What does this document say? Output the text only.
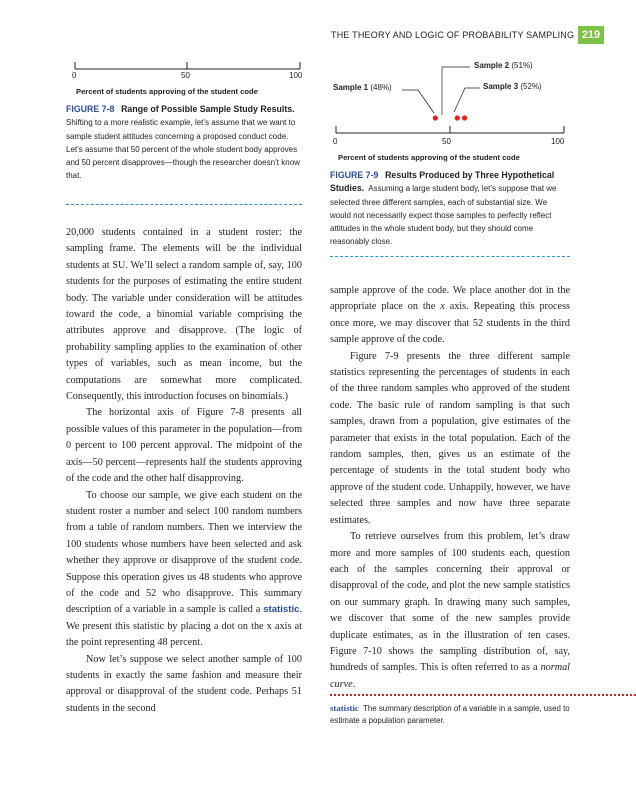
THE THEORY AND LOGIC OF PROBABILITY SAMPLING 219
0	50	100
Percent of students approving of the student code
FIGURE 7-8 Range of Possible Sample Study Results.  Shifting to a more realistic example, let’s assume that we want to sample student attitudes concerning a proposed conduct code. Let’s assume that 50 percent of the whole student body approves and 50 percent disapproves—though the researcher doesn’t know that.
Sample 2 (51%)
Sample 1 (48%)	Sample 3 (52%)
0	50	100
Percent of students approving of the student code
FIGURE 7-9 Results Produced by Three Hypothetical Studies. Assuming a large student body, let’s suppose that we selected three different samples, each of substantial size. We would not necessarily expect those samples to perfectly reflect attitudes in the whole student body, but they should come reasonably close.

20,000 students contained in a student roster: the sampling frame. The elements will be the individual students at SU. We’ll select a random sample of, say, 100 students for the purposes of estimating the entire student body. The variable under consideration will be attitudes toward the code, a binomial variable comprising the attributes approve and disapprove. (The logic of probability sampling applies to the examination of other types of variables, such as mean income, but the computations are somewhat more complicated. Consequently, this introduction focuses on binomials.)

The horizontal axis of Figure 7-8 presents all possible values of this parameter in the population—from 0 percent to 100 percent approval. The midpoint of the axis—50 percent—represents half the students approving of the code and the other half disapproving.

To choose our sample, we give each student on the student roster a number and select 100 random numbers from a table of random numbers. Then we interview the 100 students whose numbers have been selected and ask whether they approve or disapprove of the student code. Suppose this operation gives us 48 students who approve of the code and 52 who disapprove. This summary description of a variable in a sample is called a statistic. We present this statistic by placing a dot on the x axis at the point representing 48 percent.

Now let’s suppose we select another sample of 100 students in exactly the same fashion and measure their approval or disapproval of the student code. Perhaps 51 students in the second

sample approve of the code. We place another dot in the appropriate place on the x axis. Repeating this process once more, we may discover that 52 students in the third sample approve of the code.

Figure 7-9 presents the three different sample statistics representing the percentages of students in each of the three random samples who approved of the student code. The basic rule of random sampling is that such samples, drawn from a population, give estimates of the parameter that exists in the total population. Each of the random samples, then, gives us an estimate of the percentage of students in the total student body who approve of the student code. Unhappily, however, we have selected three samples and now have three separate estimates.

To retrieve ourselves from this problem, let’s draw more and more samples of 100 students each, question each of the samples concerning their approval or disapproval of the code, and plot the new sample statistics on our summary graph. In drawing many such samples, we discover that some of the new samples provide duplicate estimates, as in the illustration of ten cases. Figure 7-10 shows the sampling distribution of, say, hundreds of samples. This is often referred to as a normal curve.

statistic The summary description of a variable in a sample, used to estimate a population parameter.
